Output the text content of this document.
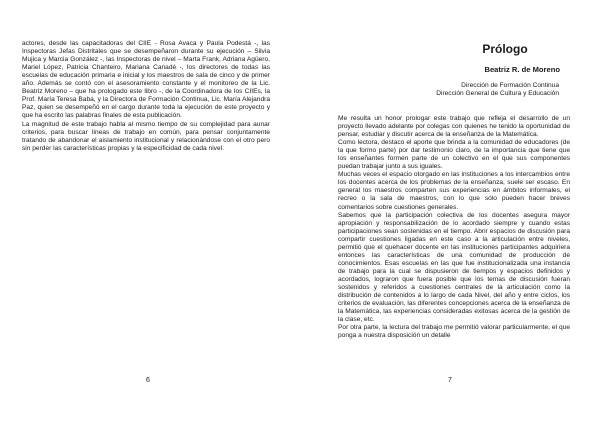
actores, desde las capacitadoras del CIIE - Rosa Avaca y Paula Podestá -, las Inspectoras Jefas Distritales que se desempeñaron durante su ejecución – Silvia Mujica y Marcia González -, las Inspectoras de nivel – Marta Frank, Adriana Agüero, Mariel López, Patricia Chanteiro, Mariana Canadé -, los directores de todas las escuelas de educación primaria e inicial y los maestros de sala de cinco y de primer año. Además se contó con el asesoramiento constante y el monitoreo de la Lic. Beatriz Moreno – que ha prologado este libro -, de la Coordinadora de los CIIEs, la Prof. María Teresa Baba, y la Directora de Formación Continua, Lic. María Alejandra Paz, quien se desempeñó en el cargo durante toda la ejecución de este proyecto y que ha escrito las palabras finales de esta publicación.

La magnitud de este trabajo habla al mismo tiempo de su complejidad para aunar criterios, para buscar líneas de trabajo en común, para pensar conjuntamente tratando de abandonar el aislamiento institucional y relacionándose con el otro pero sin perder las características propias y la especificidad de cada nivel.

6
Prólogo
Beatriz R. de Moreno
Dirección de Formación Continua
Dirección General de Cultura y Educación

Me resulta un honor prologar este trabajo que refleja el desarrollo de un proyecto llevado adelante por colegas con quienes he tenido la oportunidad de pensar, estudiar y discutir acerca de la enseñanza de la Matemática.

Como lectora, destaco el aporte que brinda a la comunidad de educadores (de la que formo parte) por dar testimonio claro, de la importancia que tiene que los enseñantes formen parte de un colectivo en el que sus componentes puedan trabajar junto a sus iguales.

Muchas veces el espacio otorgado en las instituciones a los intercambios entre los docentes acerca de los problemas de la enseñanza, suele ser escaso. En general los maestros comparten sus experiencias en ámbitos informales, el recreo o la sala de maestros, con lo que sólo pueden hacer breves comentarios sobre cuestiones generales.

Sabemos que la participación colectiva de los docentes asegura mayor apropiación y responsabilización de lo acordado siempre y cuando estas participaciones sean sostenidas en el tiempo. Abrir espacios de discusión para compartir cuestiones ligadas en este caso a la articulación entre niveles, permitió que el quehacer docente en las instituciones participantes adquiriera entonces las características de una comunidad de producción de conocimientos. Esas escuelas en las que fue institucionalizada una instancia de trabajo para la cual se dispusieron de tiempos y espacios definidos y acordados, lograron que fuera posible que los temas de discusión fueran sostenidos y referidos a cuestiones centrales de la articulación como la distribución de contenidos a lo largo de cada Nivel, del año y entre ciclos, los criterios de evaluación, las diferentes concepciones acerca de la enseñanza de la Matemática, las experiencias consideradas exitosas acerca de la gestión de la clase, etc.

Por otra parte, la lectura del trabajo me permitió valorar particularmente, el que ponga a nuestra disposición un detalle

7
